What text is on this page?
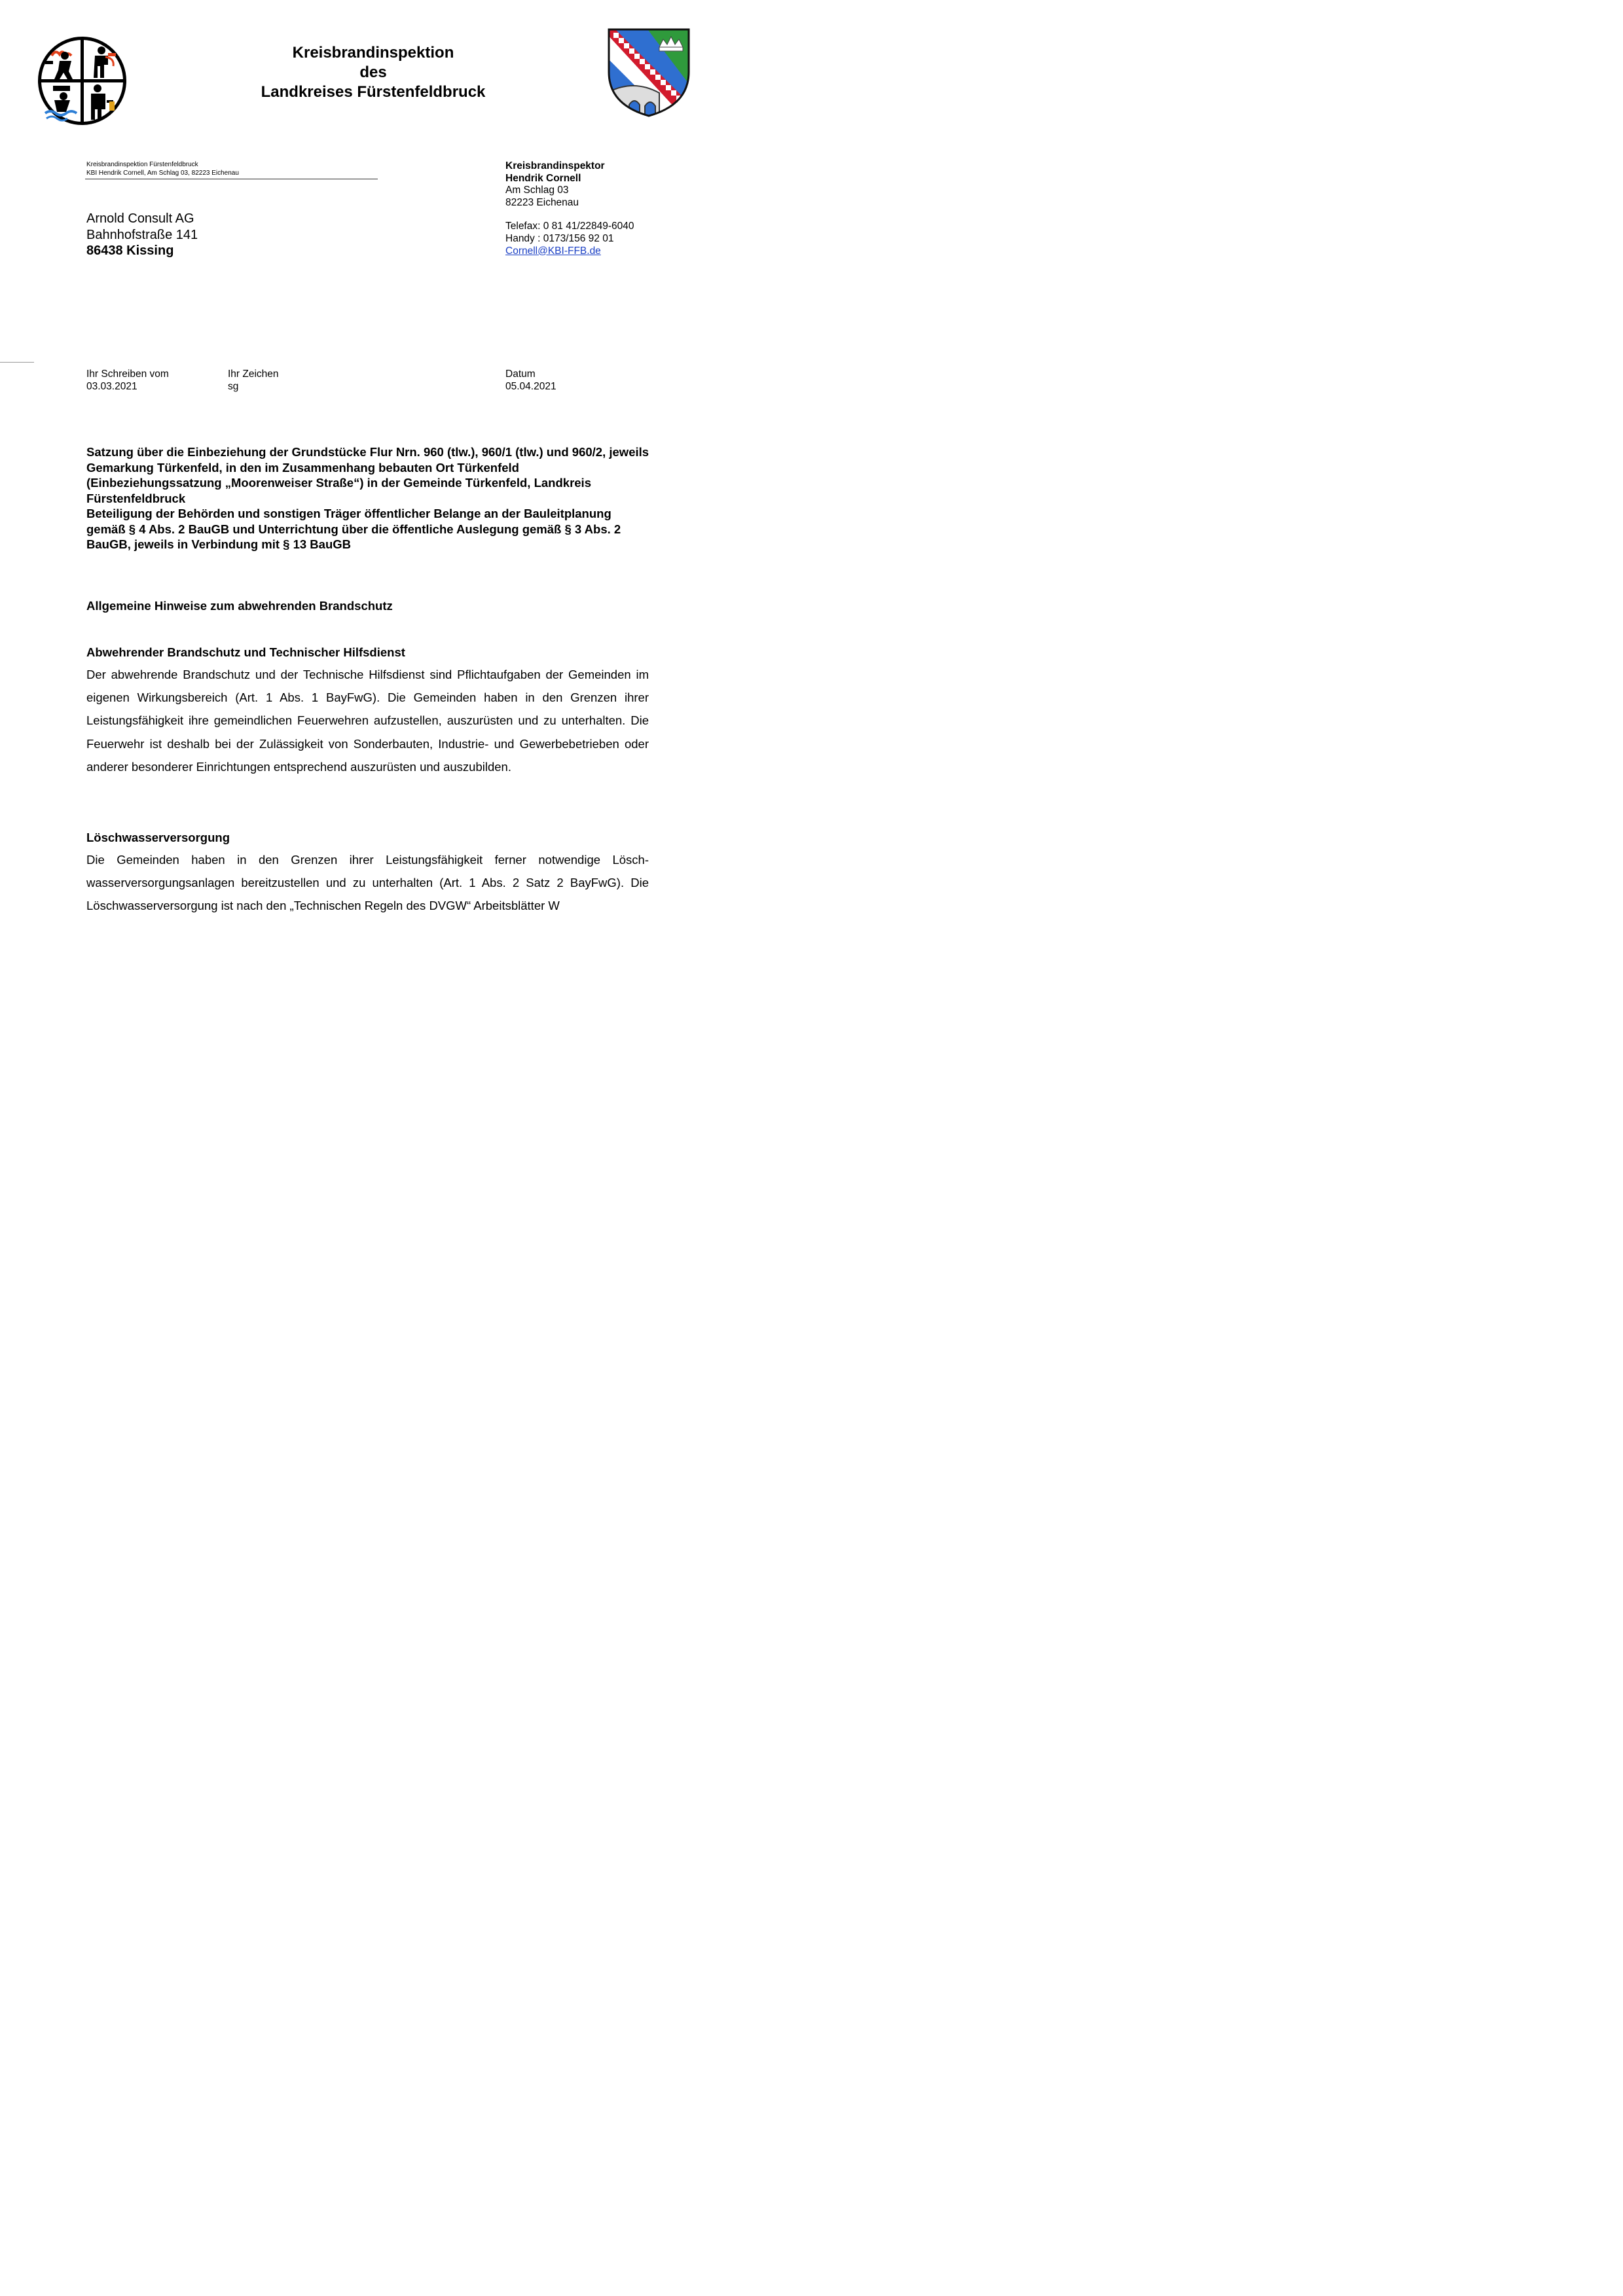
Kreisbrandinspektion
des
Landkreises Fürstenfeldbruck
Kreisbrandinspektion Fürstenfeldbruck
KBI Hendrik Cornell, Am Schlag 03, 82223 Eichenau
Arnold Consult AG
Bahnhofstraße 141
86438 Kissing
Kreisbrandinspektor
Hendrik Cornell
Am Schlag 03
82223 Eichenau
Telefax: 0 81 41/22849-6040
Handy : 0173/156 92 01
Cornell@KBI-FFB.de
Ihr Schreiben vom
03.03.2021
Ihr Zeichen
sg
Datum
05.04.2021

Satzung über die Einbeziehung der Grundstücke Flur Nrn. 960 (tlw.), 960/1 (tlw.) und 960/2, jeweils Gemarkung Türkenfeld, in den im Zusammenhang bebauten Ort Türkenfeld (Einbeziehungssatzung „Moorenweiser Straße“) in der Gemeinde Türkenfeld, Landkreis Fürstenfeldbruck

Beteiligung der Behörden und sonstigen Träger öffentlicher Belange an der Bauleitplanung gemäß § 4 Abs. 2 BauGB und Unterrichtung über die öffentliche Auslegung gemäß § 3 Abs. 2 BauGB, jeweils in Verbindung mit § 13 BauGB

Allgemeine Hinweise zum abwehrenden Brandschutz
Abwehrender Brandschutz und Technischer Hilfsdienst
Der abwehrende Brandschutz und der Technische Hilfsdienst sind Pflichtaufgaben der Gemeinden im eigenen Wirkungsbereich (Art. 1 Abs. 1 BayFwG). Die Gemeinden haben in den Grenzen ihrer Leistungsfähigkeit ihre gemeindlichen Feuerwehren aufzustellen, auszurüsten und zu unterhalten. Die Feuerwehr ist deshalb bei der Zulässigkeit von Sonderbauten, Industrie- und Gewerbebetrieben oder anderer besonderer Einrichtungen entsprechend auszurüsten und auszubilden.
Löschwasserversorgung
Die Gemeinden haben in den Grenzen ihrer Leistungsfähigkeit ferner notwendige Löschwasserversorgungsanlagen bereitzustellen und zu unterhalten (Art. 1 Abs. 2 Satz 2 BayFwG). Die Löschwasserversorgung ist nach den „Technischen Regeln des DVGW“ Arbeitsblätter W
